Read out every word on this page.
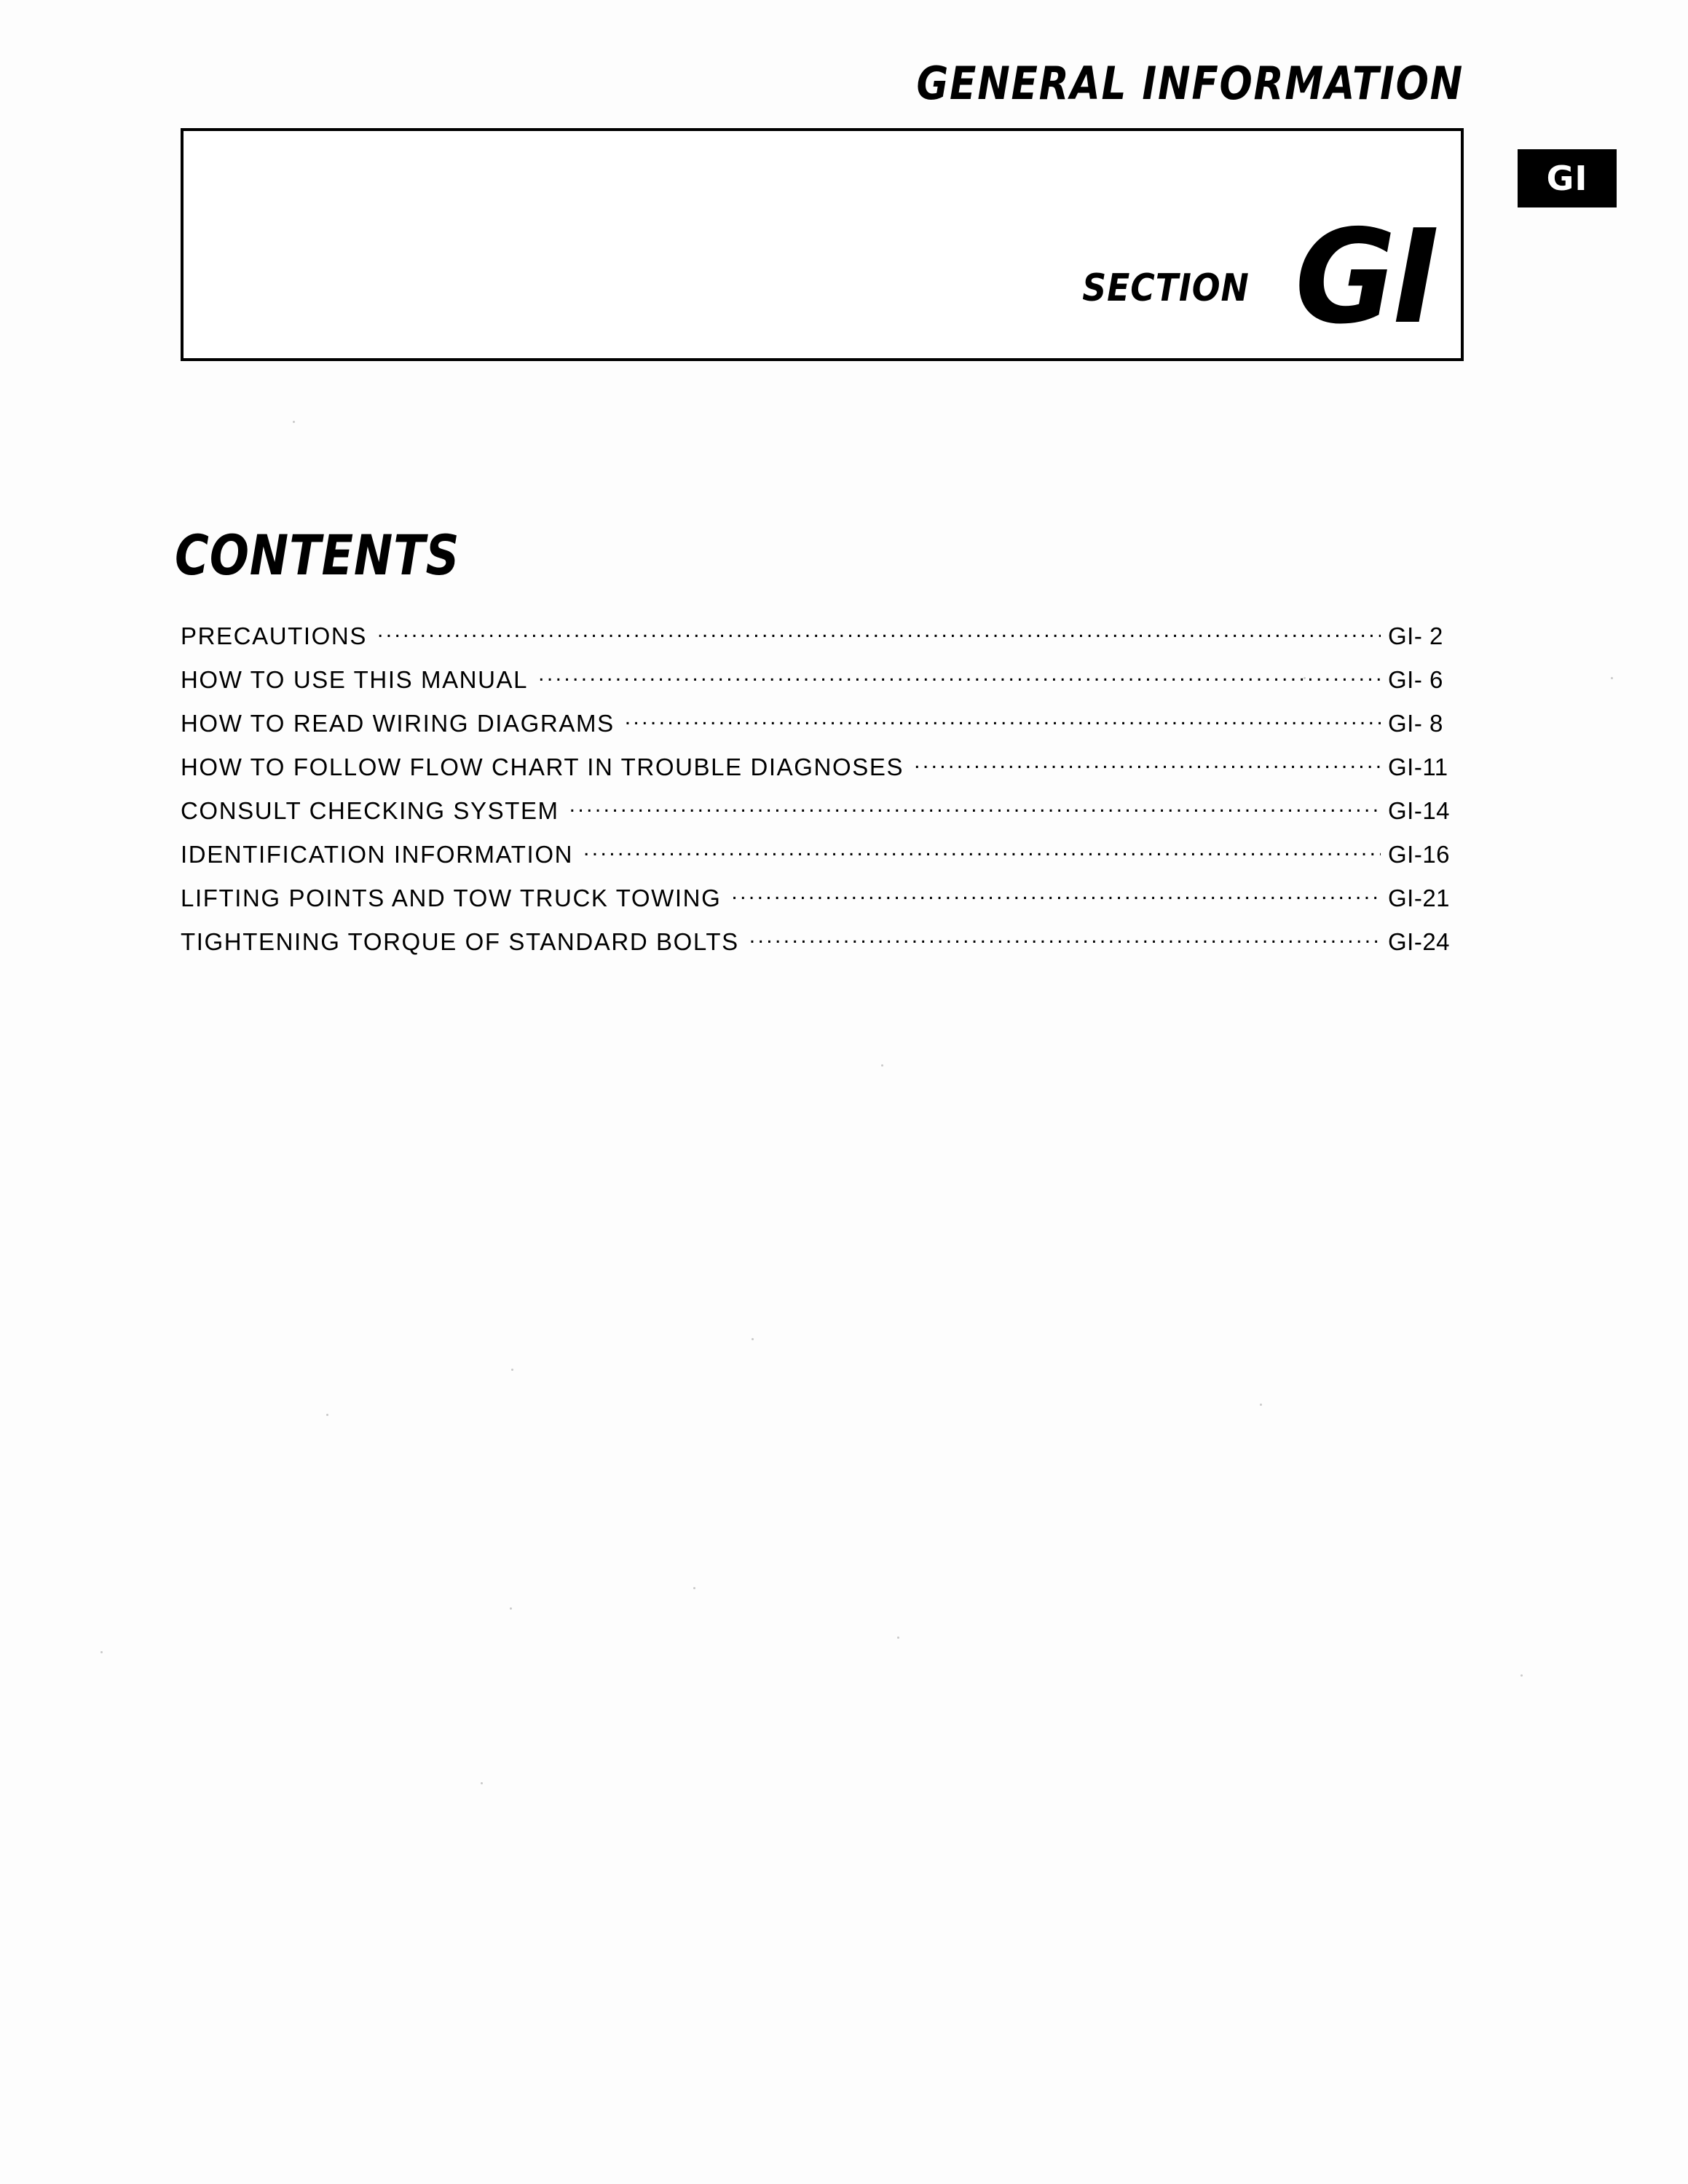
GENERAL INFORMATION
SECTION GI
GI
CONTENTS
PRECAUTIONS .....	GI- 2
HOW TO USE THIS MANUAL .....	GI- 6
HOW TO READ WIRING DIAGRAMS .....	GI- 8
HOW TO FOLLOW FLOW CHART IN TROUBLE DIAGNOSES .....	GI-11
CONSULT CHECKING SYSTEM .....	GI-14
IDENTIFICATION INFORMATION .....	GI-16
LIFTING POINTS AND TOW TRUCK TOWING .....	GI-21
TIGHTENING TORQUE OF STANDARD BOLTS .....	GI-24
